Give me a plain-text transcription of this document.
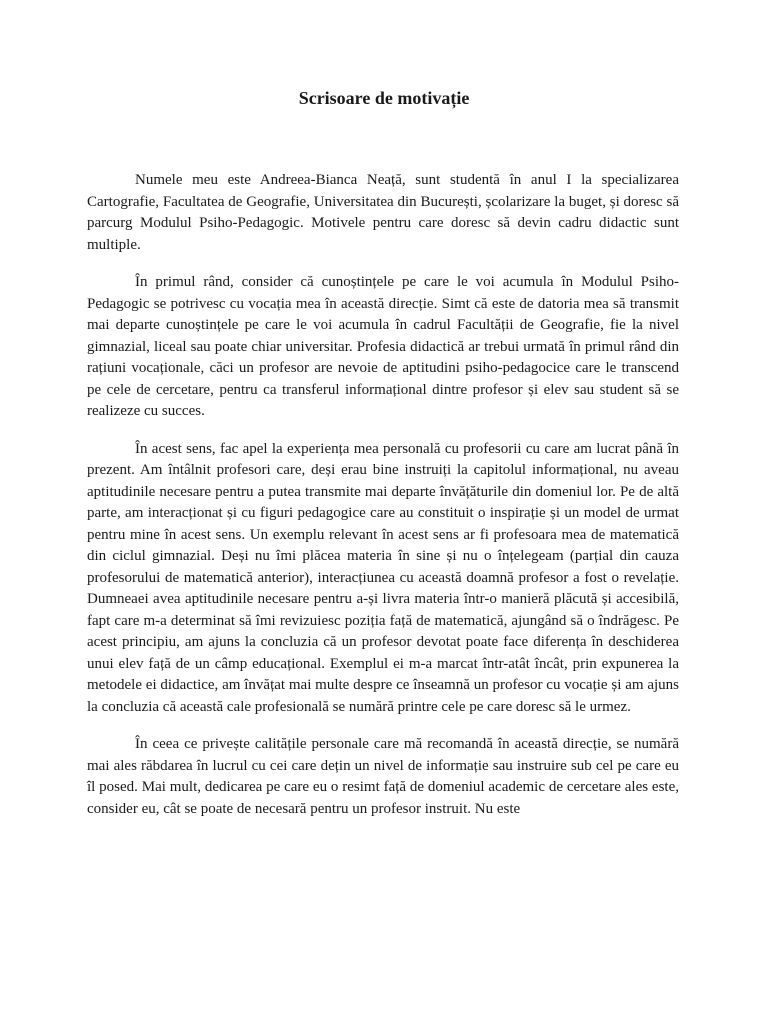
Scrisoare de motivație

Numele meu este Andreea-Bianca Neață, sunt studentă în anul I la specializarea Cartografie, Facultatea de Geografie, Universitatea din București, școlarizare la buget, și doresc să parcurg Modulul Psiho-Pedagogic. Motivele pentru care doresc să devin cadru didactic sunt multiple.

În primul rând, consider că cunoștințele pe care le voi acumula în Modulul Psiho-Pedagogic se potrivesc cu vocația mea în această direcție. Simt că este de datoria mea să transmit mai departe cunoștințele pe care le voi acumula în cadrul Facultății de Geografie, fie la nivel gimnazial, liceal sau poate chiar universitar. Profesia didactică ar trebui urmată în primul rând din rațiuni vocaționale, căci un profesor are nevoie de aptitudini psiho-pedagocice care le transcend pe cele de cercetare, pentru ca transferul informațional dintre profesor și elev sau student să se realizeze cu succes.

În acest sens, fac apel la experiența mea personală cu profesorii cu care am lucrat până în prezent. Am întâlnit profesori care, deși erau bine instruiți la capitolul informațional, nu aveau aptitudinile necesare pentru a putea transmite mai departe învățăturile din domeniul lor. Pe de altă parte, am interacționat și cu figuri pedagogice care au constituit o inspirație și un model de urmat pentru mine în acest sens. Un exemplu relevant în acest sens ar fi profesoara mea de matematică din ciclul gimnazial. Deși nu îmi plăcea materia în sine și nu o înțelegeam (parțial din cauza profesorului de matematică anterior), interacțiunea cu această doamnă profesor a fost o revelație. Dumneaei avea aptitudinile necesare pentru a-și livra materia într-o manieră plăcută și accesibilă, fapt care m-a determinat să îmi revizuiesc poziția față de matematică, ajungând să o îndrăgesc. Pe acest principiu, am ajuns la concluzia că un profesor devotat poate face diferența în deschiderea unui elev față de un câmp educațional. Exemplul ei m-a marcat într-atât încât, prin expunerea la metodele ei didactice, am învățat mai multe despre ce înseamnă un profesor cu vocație și am ajuns la concluzia că această cale profesională se numără printre cele pe care doresc să le urmez.

În ceea ce privește calitățile personale care mă recomandă în această direcție, se numără mai ales răbdarea în lucrul cu cei care dețin un nivel de informație sau instruire sub cel pe care eu îl posed. Mai mult, dedicarea pe care eu o resimt față de domeniul academic de cercetare ales este, consider eu, cât se poate de necesară pentru un profesor instruit. Nu este
